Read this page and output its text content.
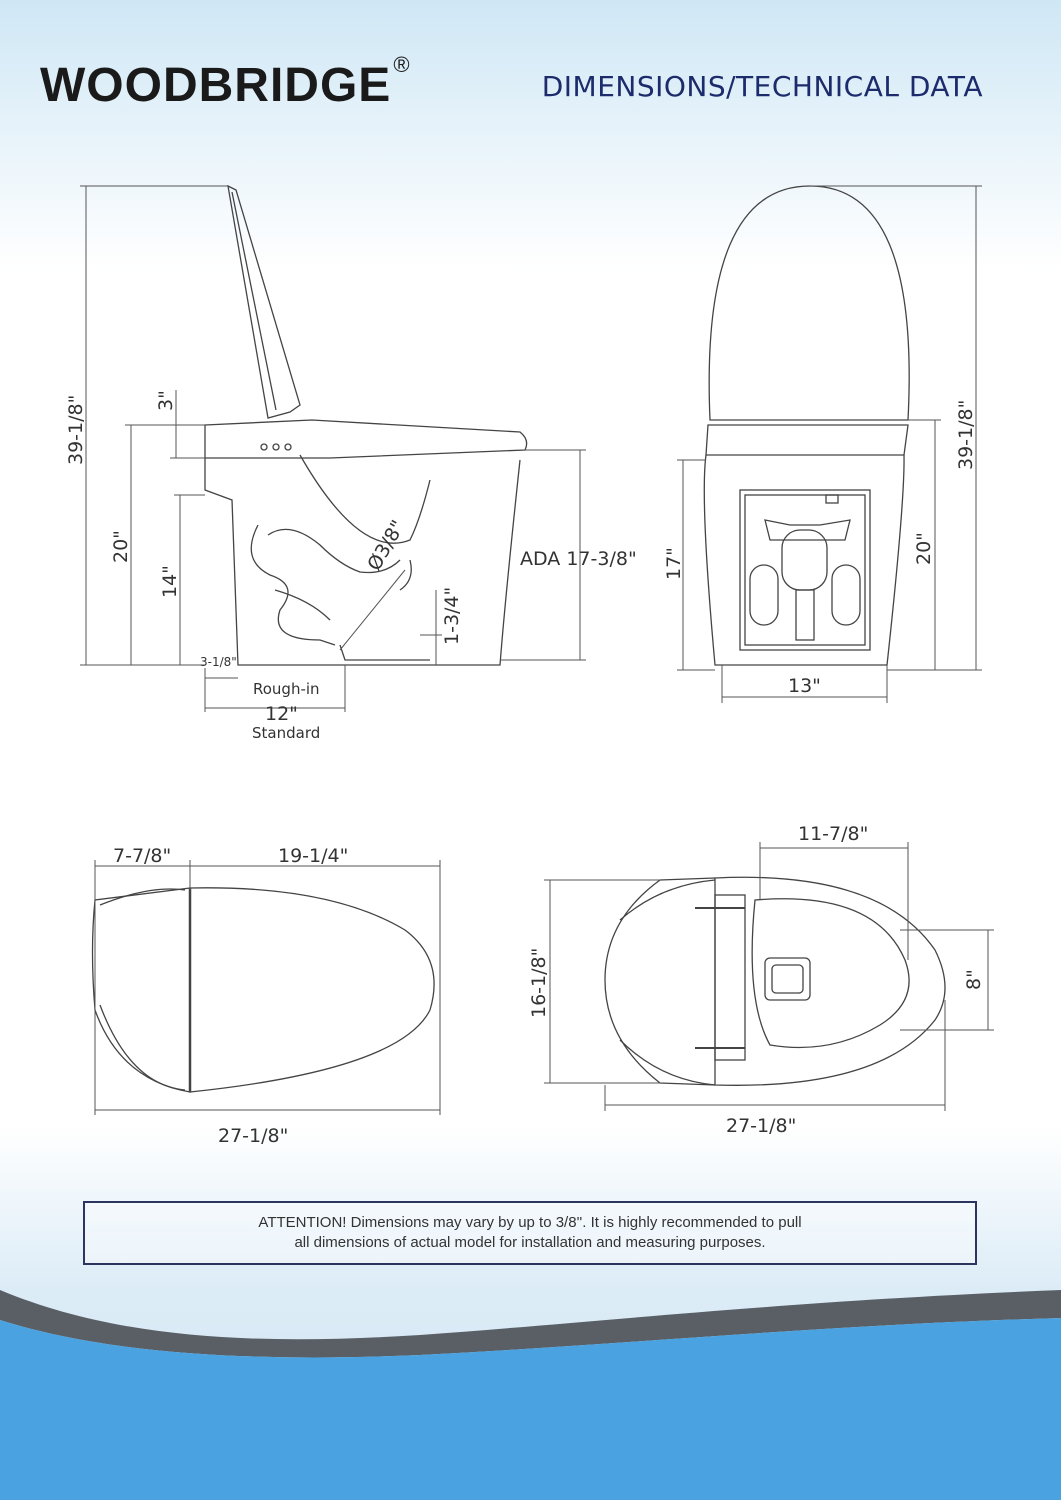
WOODBRIDGE®
DIMENSIONS/TECHNICAL DATA
39-1/8"	3"
20"
14"
Ø3/8"	ADA 17-3/8"
1-3/4"
3-1/8"
Rough-in
12"
Standard
39-1/8"
17"	20"
13"
7-7/8"	19-1/4"
27-1/8"
11-7/8"
16-1/8"	8"
27-1/8"
ATTENTION! Dimensions may vary by up to 3/8''. It is highly recommended to pull
all dimensions of actual model for installation and measuring purposes.
